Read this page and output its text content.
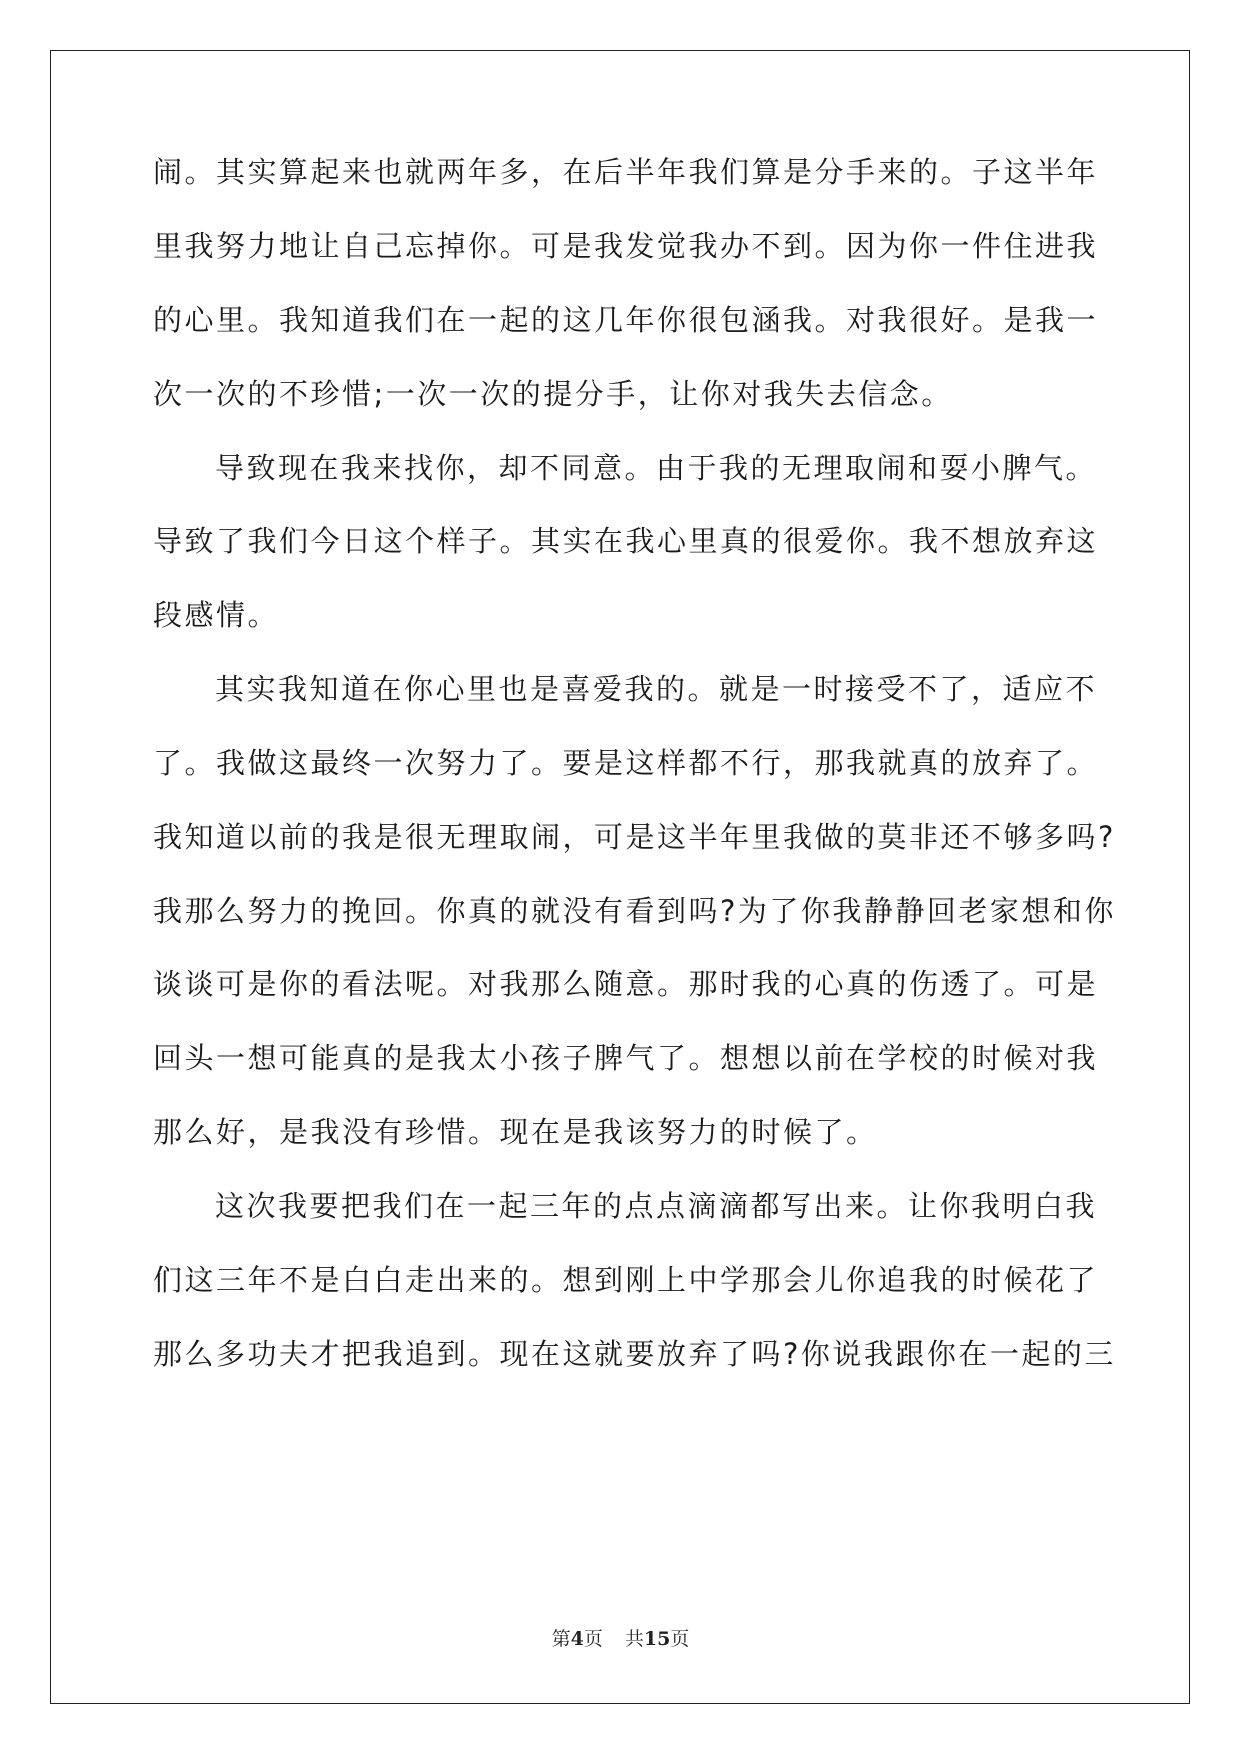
闹。其实算起来也就两年多，在后半年我们算是分手来的。子这半年
里我努力地让自己忘掉你。可是我发觉我办不到。因为你一件住进我
的心里。我知道我们在一起的这几年你很包涵我。对我很好。是我一
次一次的不珍惜;一次一次的提分手，让你对我失去信念。
导致现在我来找你，却不同意。由于我的无理取闹和耍小脾气。
导致了我们今日这个样子。其实在我心里真的很爱你。我不想放弃这
段感情。
其实我知道在你心里也是喜爱我的。就是一时接受不了，适应不
了。我做这最终一次努力了。要是这样都不行，那我就真的放弃了。
我知道以前的我是很无理取闹，可是这半年里我做的莫非还不够多吗?
我那么努力的挽回。你真的就没有看到吗?为了你我静静回老家想和你
谈谈可是你的看法呢。对我那么随意。那时我的心真的伤透了。可是
回头一想可能真的是我太小孩子脾气了。想想以前在学校的时候对我
那么好，是我没有珍惜。现在是我该努力的时候了。
这次我要把我们在一起三年的点点滴滴都写出来。让你我明白我
们这三年不是白白走出来的。想到刚上中学那会儿你追我的时候花了
那么多功夫才把我追到。现在这就要放弃了吗?你说我跟你在一起的三
第4页 共15页
